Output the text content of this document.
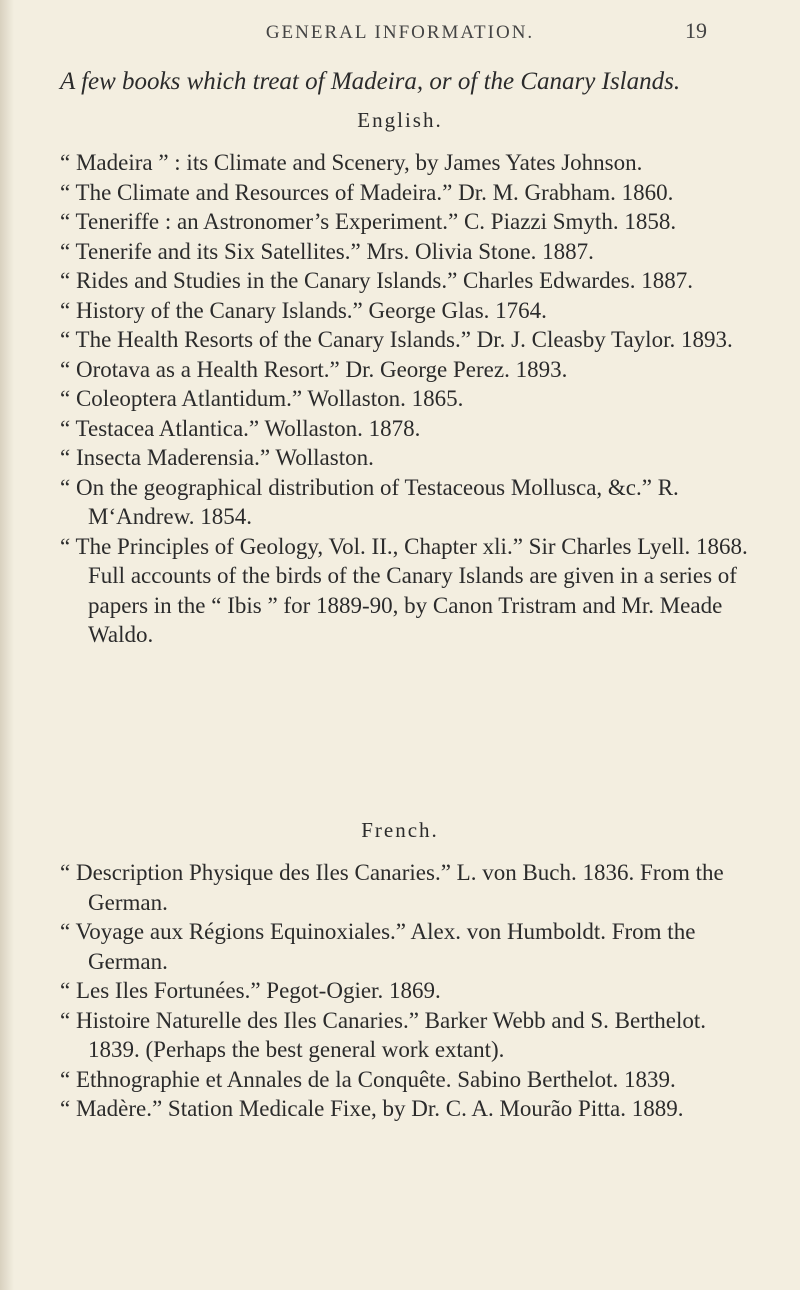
GENERAL INFORMATION.	19
A few books which treat of Madeira, or of the Canary Islands.
English.
“ Madeira ” : its Climate and Scenery, by James Yates Johnson.
“ The Climate and Resources of Madeira.” Dr. M. Grabham. 1860.
“ Teneriffe : an Astronomer’s Experiment.” C. Piazzi Smyth. 1858.
“ Tenerife and its Six Satellites.” Mrs. Olivia Stone. 1887.
“ Rides and Studies in the Canary Islands.” Charles Edwardes. 1887.
“ History of the Canary Islands.” George Glas. 1764.
“ The Health Resorts of the Canary Islands.” Dr. J. Cleasby Taylor. 1893.
“ Orotava as a Health Resort.” Dr. George Perez. 1893.
“ Coleoptera Atlantidum.” Wollaston. 1865.
“ Testacea Atlantica.” Wollaston. 1878.
“ Insecta Maderensia.” Wollaston.
“ On the geographical distribution of Testaceous Mollusca, &c.” R. M‘Andrew. 1854.
“ The Principles of Geology, Vol. II., Chapter xli.” Sir Charles Lyell. 1868.
Full accounts of the birds of the Canary Islands are given in a series of papers in the “ Ibis ” for 1889-90, by Canon Tristram and Mr. Meade Waldo.
French.
“ Description Physique des Iles Canaries.” L. von Buch. 1836. From the German.
“ Voyage aux Régions Equinoxiales.” Alex. von Humboldt. From the German.
“ Les Iles Fortunées.” Pegot-Ogier. 1869.
“ Histoire Naturelle des Iles Canaries.” Barker Webb and S. Berthelot. 1839. (Perhaps the best general work extant).
“ Ethnographie et Annales de la Conquête. Sabino Berthelot. 1839.
“ Madère.” Station Medicale Fixe, by Dr. C. A. Mourão Pitta. 1889.
